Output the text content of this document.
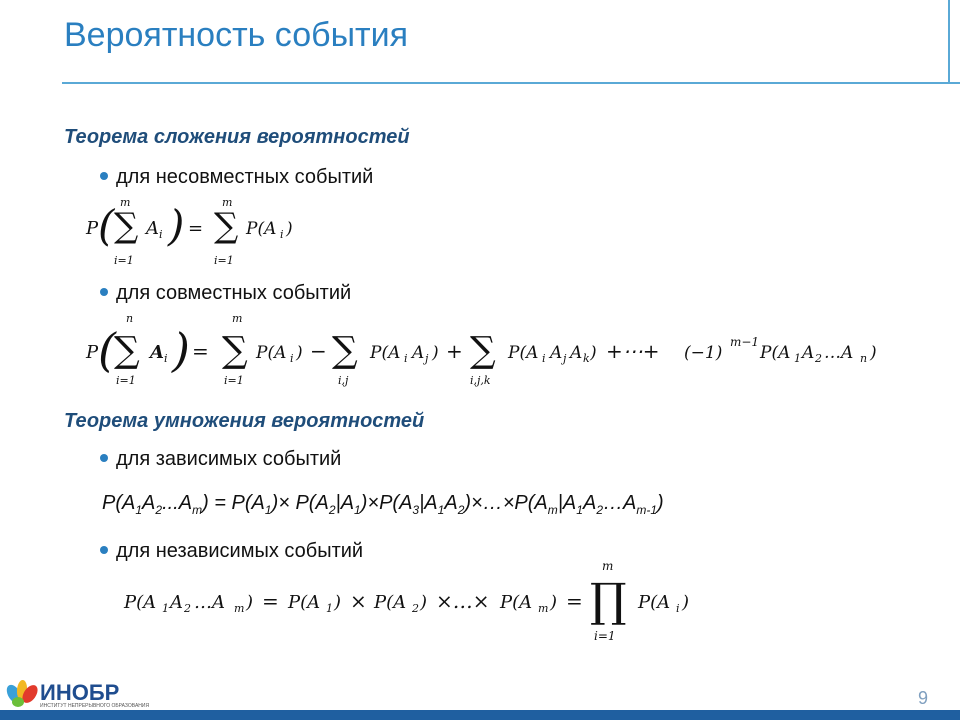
Вероятность события
Теорема сложения вероятностей
для несовместных событий
P ( ∑
m
i=1
A i ) = ∑
m
i=1
P(A i )
для совместных событий
P (
∑
n
i=1
A i ) = ∑
m
i=1
P(A i ) − ∑
i,j
P(A i A j ) + ∑
i,j,k
P(A i A j A k ) +⋯+ (−1)
m−1
P(A 1 A 2 …A n )
Теорема умножения вероятностей
для зависимых событий
$P(A_1A_2...A_m) = P(A_1)\times$ $P(A_2|A_1)\times P(A_3|A_1A_2)\times\dots\times P(A_m|A_1A_2\dots A_{m-1})$
для независимых событий
P(A 1 A 2 …A m ) = P(A 1 ) × P(A 2 ) ×…× P(A m ) = ∏
m
i=1
P(A i )
ИНОБР
ИНСТИТУТ НЕПРЕРЫВНОГО ОБРАЗОВАНИЯ	9
